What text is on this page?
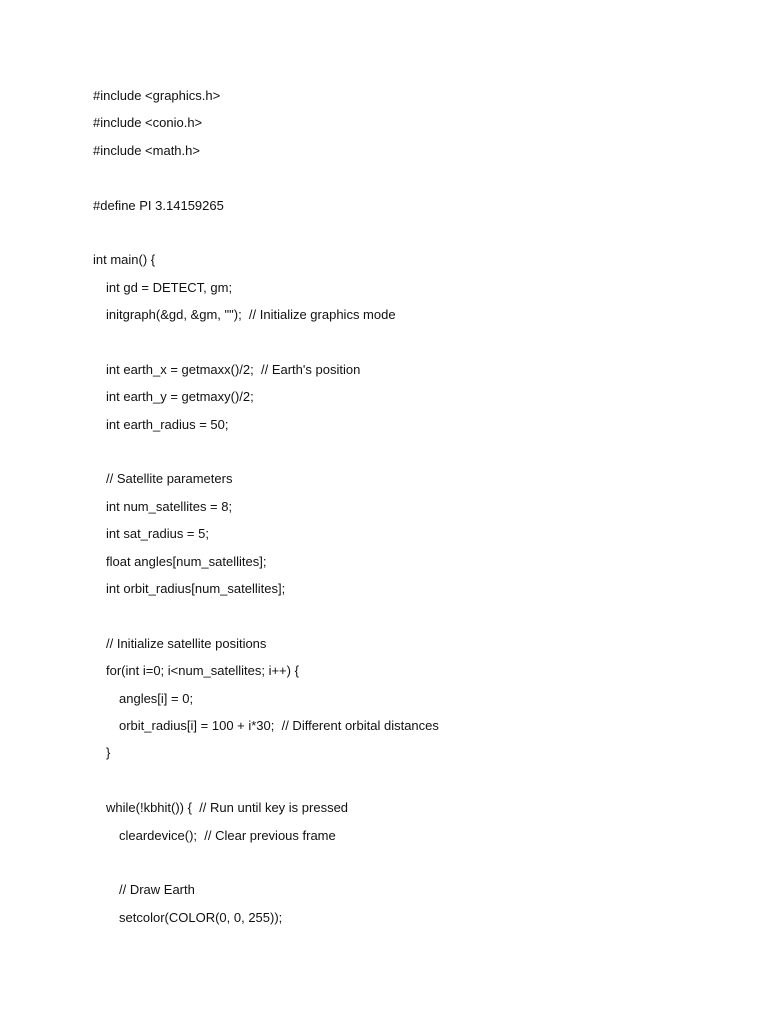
#include <graphics.h>
#include <conio.h>
#include <math.h>
#define PI 3.14159265
int main() {
int gd = DETECT, gm;
initgraph(&gd, &gm, "");  // Initialize graphics mode
int earth_x = getmaxx()/2;  // Earth's position
int earth_y = getmaxy()/2;
int earth_radius = 50;
// Satellite parameters
int num_satellites = 8;
int sat_radius = 5;
float angles[num_satellites];
int orbit_radius[num_satellites];
// Initialize satellite positions
for(int i=0; i<num_satellites; i++) {
angles[i] = 0;
orbit_radius[i] = 100 + i*30;  // Different orbital distances
}
while(!kbhit()) {  // Run until key is pressed
cleardevice();  // Clear previous frame
// Draw Earth
setcolor(COLOR(0, 0, 255));
